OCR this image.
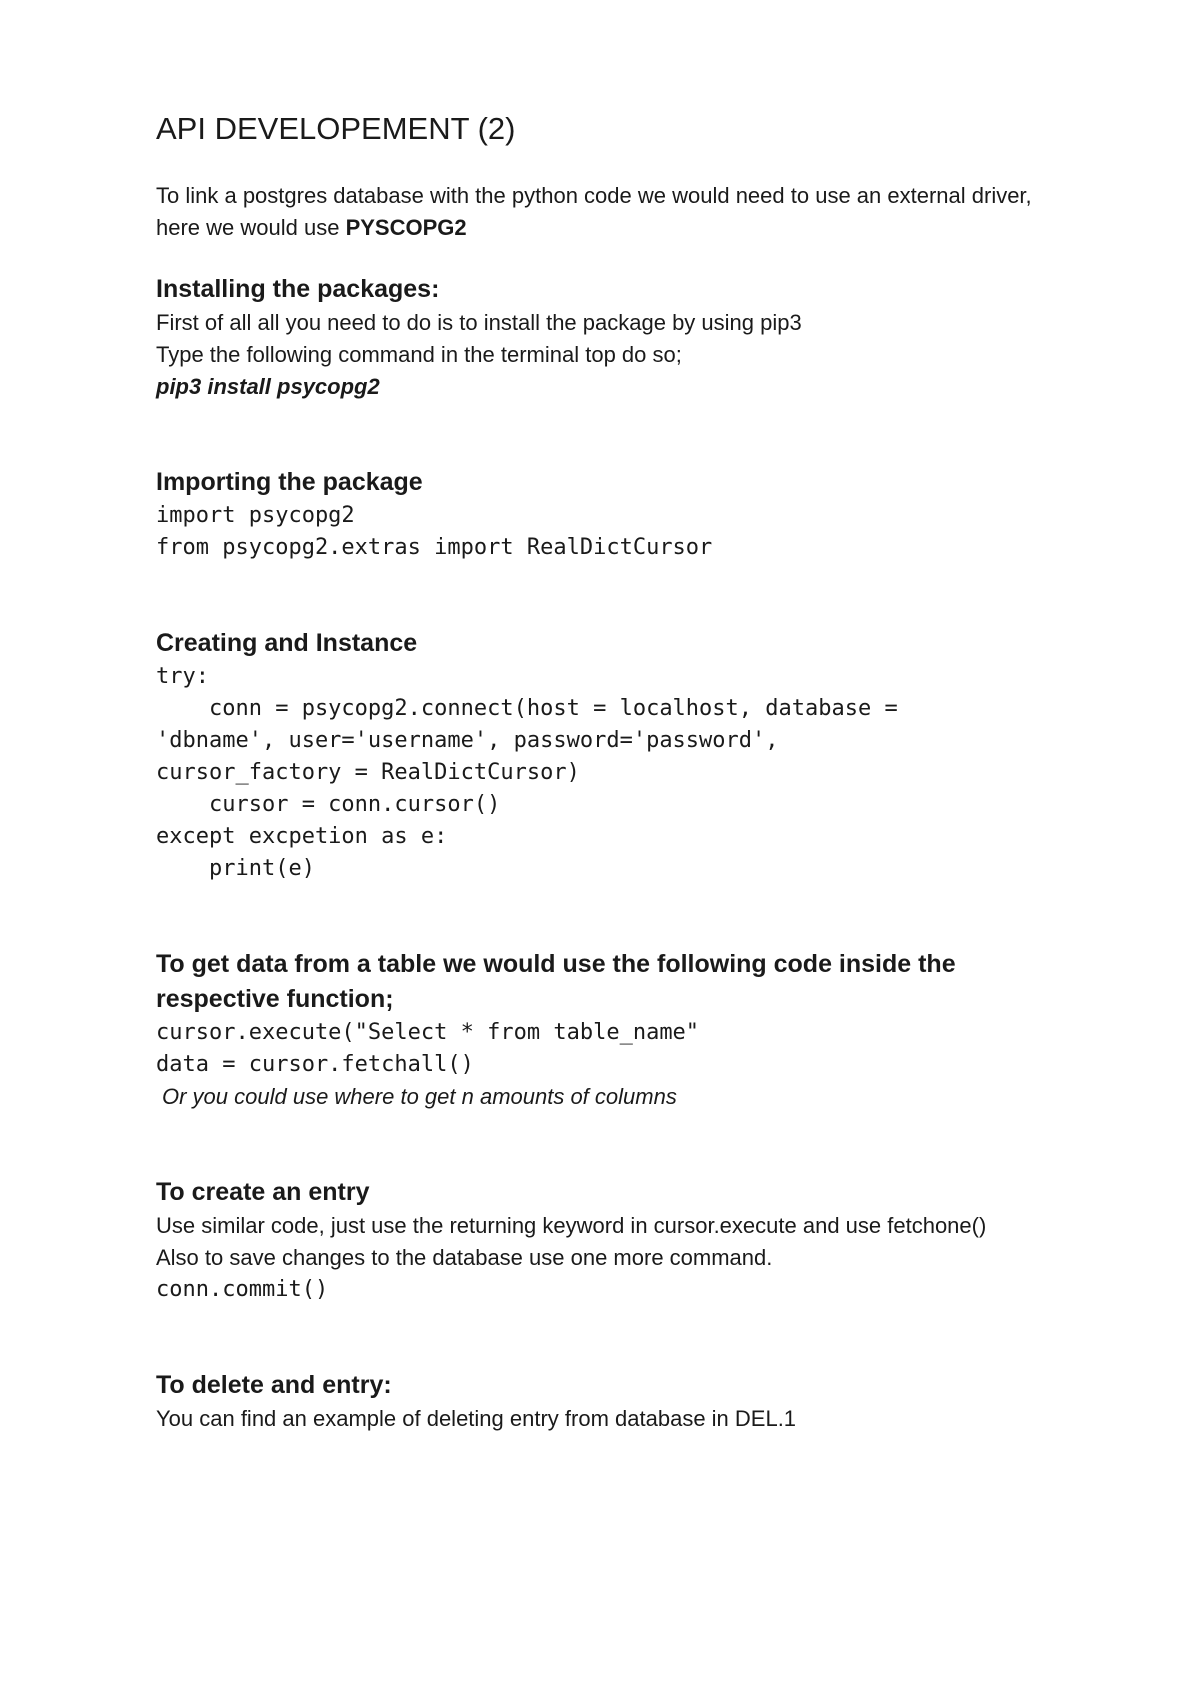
API DEVELOPEMENT (2)

To link a postgres database with the python code we would need to use an external driver, here we would use PYSCOPG2

Installing the packages:

First of all all you need to do is to install the package by using pip3

Type the following command in the terminal top do so;

pip3 install psycopg2

Importing the package
import psycopg2
from psycopg2.extras import RealDictCursor
Creating and Instance
try:
conn = psycopg2.connect(host = localhost, database =
'dbname', user='username', password='password',
cursor_factory = RealDictCursor)
cursor = conn.cursor()
except excpetion as e:
print(e)
To get data from a table we would use the following code inside the respective function;
cursor.execute("Select * from table_name"
data = cursor.fetchall()

Or you could use where to get n amounts of columns

To create an entry

Use similar code, just use the returning keyword in cursor.execute and use fetchone()

Also to save changes to the database use one more command.

conn.commit()
To delete and entry:

You can find an example of deleting entry from database in DEL.1
